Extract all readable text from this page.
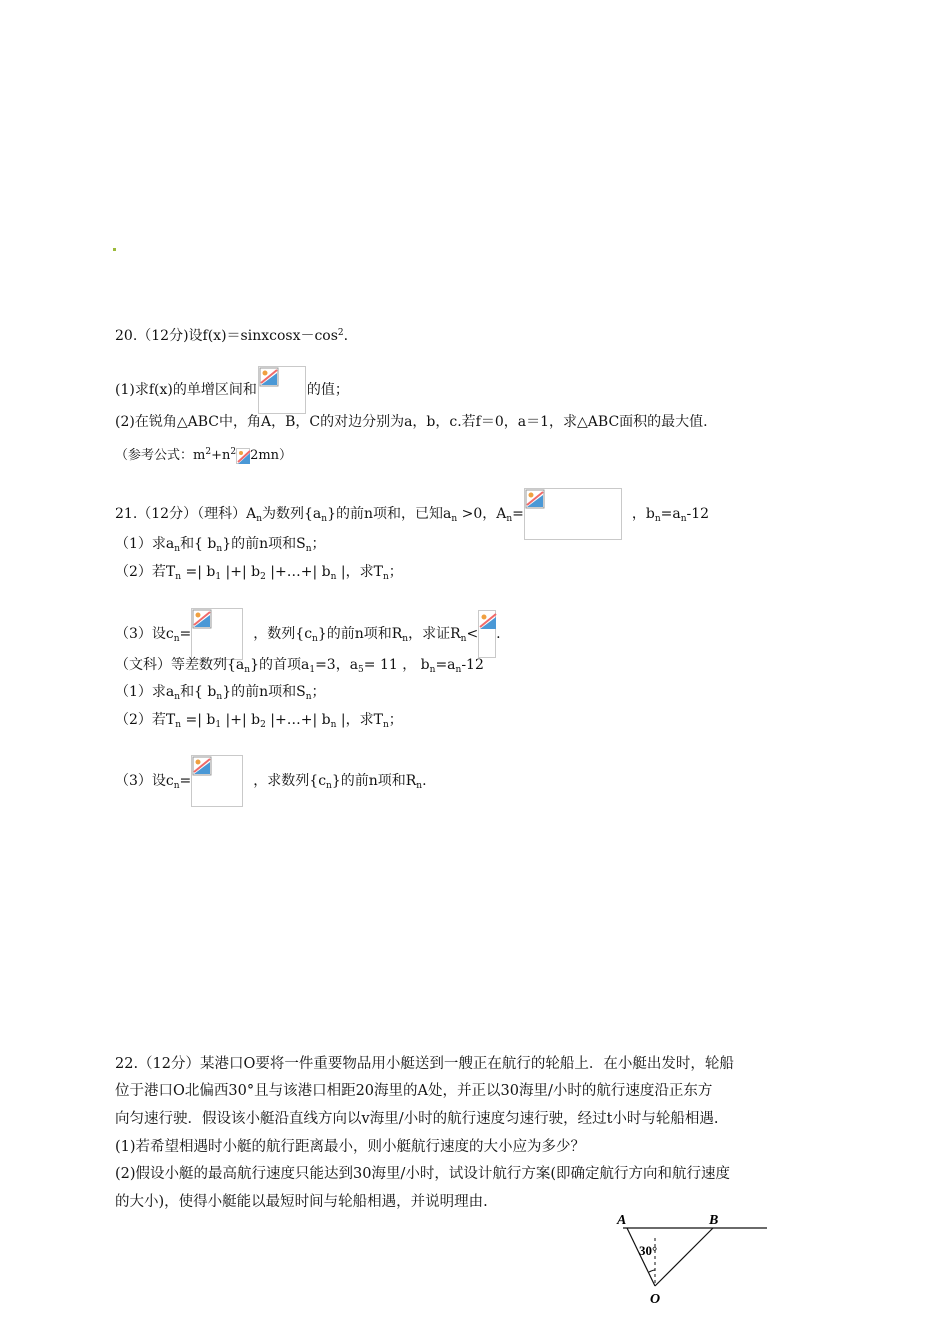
20.（12分)设$f(x)=sinxcosx-\cos^2$.
(1)求f(x)的单增区间和	的值；
(2)在锐角△ABC中，角A，B，C的对边分别为a，b，c.若f＝0，a＝1，求△ABC面积的最大值.
（参考公式：$m^2+n^2$ 2mn）
21.（12分）（理科）$A_n$为数列$\{a_n\}$的前n项和，已知$a_n >0$，$A_n=$	，$b_n=a_n-12$
（1）求$a_n$和{ $b_n$}的前n项和$S_n$；
（2）若$T_n$ =| $b_1$ |+| $b_2$ |+…+| $b_n$ |，求$T_n$；
（3）设$c_n=$	，数列$\{c_n\}$的前n项和$R_n$，求证$R_n<$ .
（文科）等差数列$\{a_n\}$的首项$a_1=3$，$a_5= 11$ ， $b_n=a_n-12$
（1）求$a_n$和{ $b_n$}的前n项和$S_n$；
（2）若$T_n$ =| $b_1$ |+| $b_2$ |+…+| $b_n$ |，求$T_n$；
（3）设$c_n=$	，求数列$\{c_n\}$的前n项和$R_n$.
22.（12分）某港口O要将一件重要物品用小艇送到一艘正在航行的轮船上．在小艇出发时，轮船
位于港口O北偏西30°且与该港口相距20海里的A处，并正以30海里/小时的航行速度沿正东方
向匀速行驶．假设该小艇沿直线方向以v海里/小时的航行速度匀速行驶，经过t小时与轮船相遇.
(1)若希望相遇时小艇的航行距离最小，则小艇航行速度的大小应为多少？
(2)假设小艇的最高航行速度只能达到30海里/小时，试设计航行方案(即确定航行方向和航行速度
的大小)，使得小艇能以最短时间与轮船相遇，并说明理由.
A	B
30°
O
